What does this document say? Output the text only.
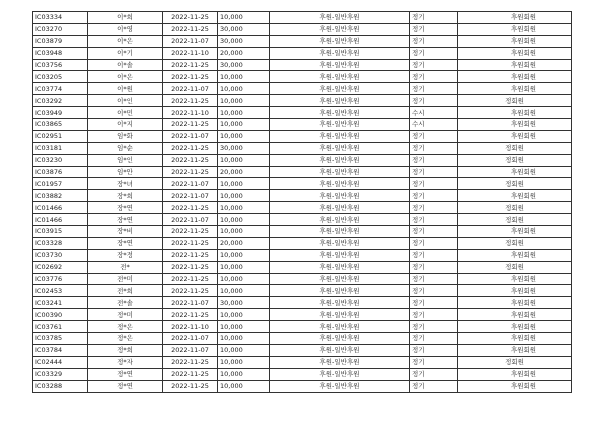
IC03334	이*희	2022-11-25	10,000	후원-일반후원	정기	후원회원
IC03270	이*영	2022-11-25	30,000	후원-일반후원	정기	후원회원
IC03879	이*은	2022-11-07	30,000	후원-일반후원	정기	후원회원
IC03948	이*기	2022-11-10	20,000	후원-일반후원	정기	후원회원
IC03756	이*솔	2022-11-25	30,000	후원-일반후원	정기	후원회원
IC03205	이*은	2022-11-25	10,000	후원-일반후원	정기	후원회원
IC03774	이*원	2022-11-07	10,000	후원-일반후원	정기	후원회원
IC03292	이*인	2022-11-25	10,000	후원-일반후원	정기	정회원
IC03949	이*민	2022-11-10	10,000	후원-일반후원	수시	후원회원
IC03865	이*지	2022-11-25	10,000	후원-일반후원	수시	후원회원
IC02951	임*화	2022-11-07	10,000	후원-일반후원	정기	후원회원
IC03181	임*순	2022-11-25	30,000	후원-일반후원	정기	정회원
IC03230	임*인	2022-11-25	10,000	후원-일반후원	정기	정회원
IC03876	임*안	2022-11-25	20,000	후원-일반후원	정기	후원회원
IC01957	장*녀	2022-11-07	10,000	후원-일반후원	정기	정회원
IC03882	장*희	2022-11-07	10,000	후원-일반후원	정기	후원회원
IC01466	장*연	2022-11-25	10,000	후원-일반후원	정기	정회원
IC01466	장*연	2022-11-07	10,000	후원-일반후원	정기	정회원
IC03915	장*비	2022-11-25	10,000	후원-일반후원	정기	후원회원
IC03328	장*연	2022-11-25	20,000	후원-일반후원	정기	정회원
IC03730	장*정	2022-11-25	10,000	후원-일반후원	정기	후원회원
IC02692	전*	2022-11-25	10,000	후원-일반후원	정기	정회원
IC03776	전*미	2022-11-25	10,000	후원-일반후원	정기	후원회원
IC02453	전*희	2022-11-25	10,000	후원-일반후원	정기	후원회원
IC03241	전*솔	2022-11-07	30,000	후원-일반후원	정기	후원회원
IC00390	정*미	2022-11-25	10,000	후원-일반후원	정기	후원회원
IC03761	정*은	2022-11-10	10,000	후원-일반후원	정기	후원회원
IC03785	정*은	2022-11-07	10,000	후원-일반후원	정기	후원회원
IC03784	정*희	2022-11-07	10,000	후원-일반후원	정기	후원회원
IC02444	정*자	2022-11-25	10,000	후원-일반후원	정기	정회원
IC03329	정*연	2022-11-25	10,000	후원-일반후원	정기	후원회원
IC03288	정*연	2022-11-25	10,000	후원-일반후원	정기	후원회원
